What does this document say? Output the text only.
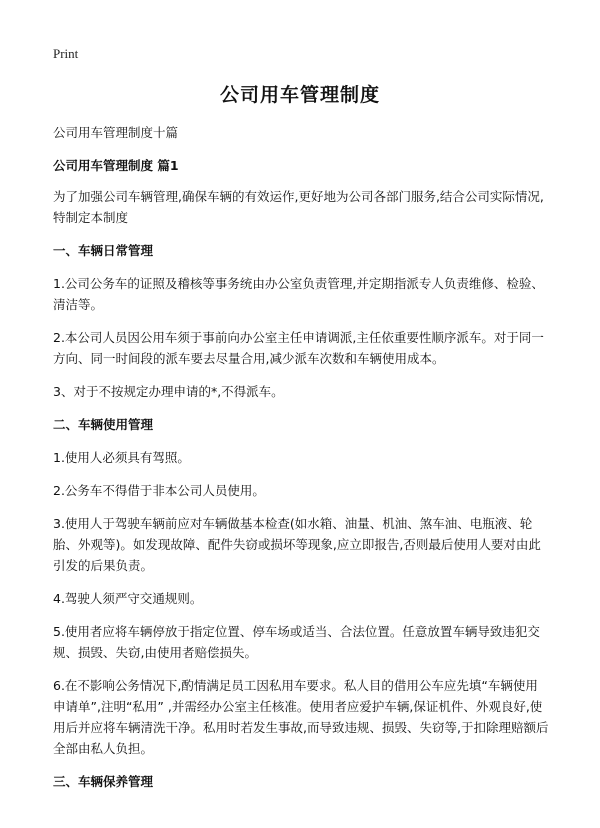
Print
公司用车管理制度

公司用车管理制度十篇

公司用车管理制度 篇1

为了加强公司车辆管理,确保车辆的有效运作,更好地为公司各部门服务,结合公司实际情况,特制定本制度

一、车辆日常管理

1.公司公务车的证照及稽核等事务统由办公室负责管理,并定期指派专人负责维修、检验、清洁等。

2.本公司人员因公用车须于事前向办公室主任申请调派,主任依重要性顺序派车。对于同一方向、同一时间段的派车要去尽量合用,减少派车次数和车辆使用成本。

3、对于不按规定办理申请的*,不得派车。

二、车辆使用管理

1.使用人必须具有驾照。

2.公务车不得借于非本公司人员使用。

3.使用人于驾驶车辆前应对车辆做基本检查(如水箱、油量、机油、煞车油、电瓶液、轮胎、外观等)。如发现故障、配件失窃或损坏等现象,应立即报告,否则最后使用人要对由此引发的后果负责。

4.驾驶人须严守交通规则。

5.使用者应将车辆停放于指定位置、停车场或适当、合法位置。任意放置车辆导致违犯交规、损毁、失窃,由使用者赔偿损失。

6.在不影响公务情况下,酌情满足员工因私用车要求。私人目的借用公车应先填“车辆使用申请单”,注明“私用” ,并需经办公室主任核准。使用者应爱护车辆,保证机件、外观良好,使用后并应将车辆清洗干净。私用时若发生事故,而导致违规、损毁、失窃等,于扣除理赔额后全部由私人负担。

三、车辆保养管理
